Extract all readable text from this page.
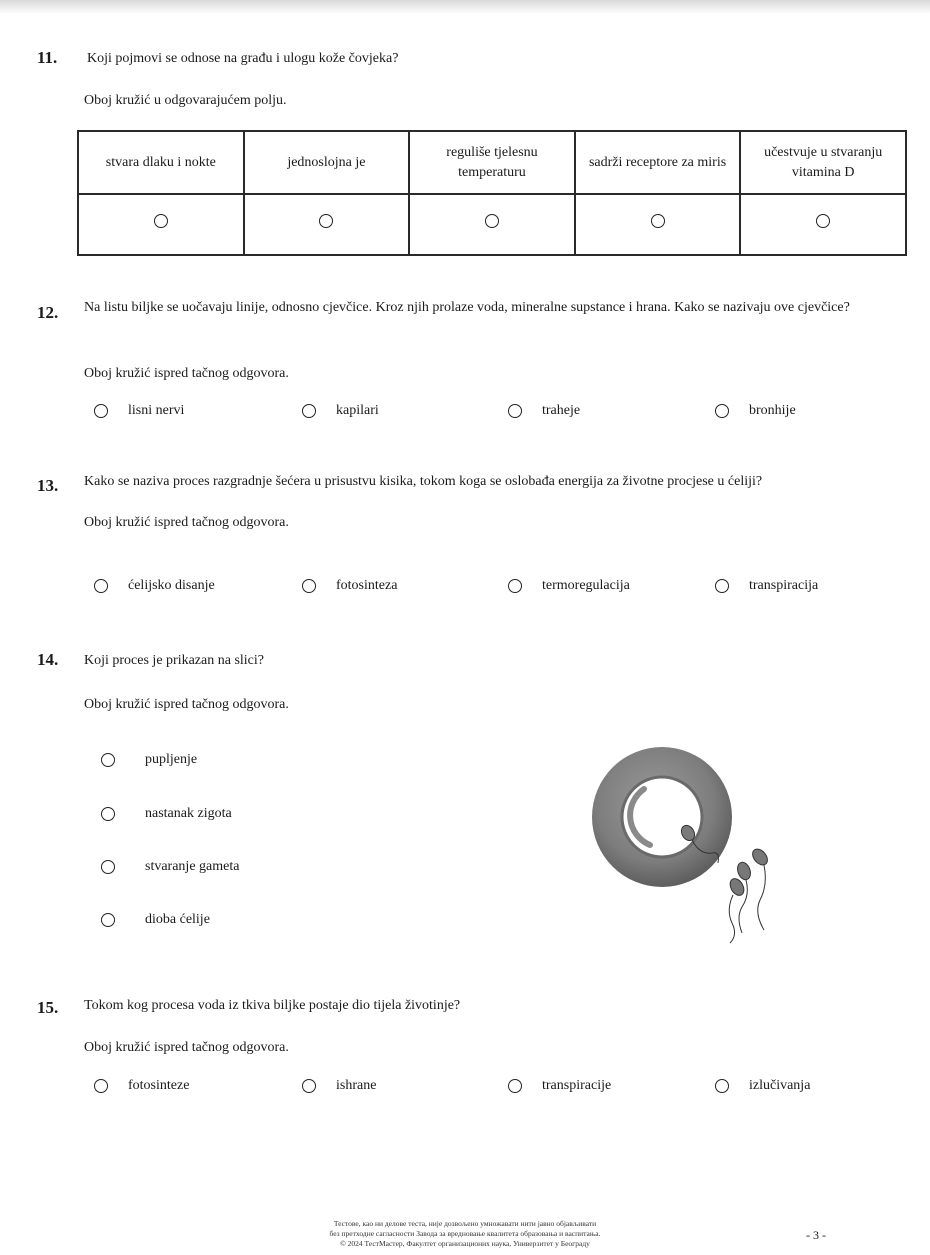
11. Koji pojmovi se odnose na građu i ulogu kože čovjeka?
Oboj kružić u odgovarajućem polju.
stvara dlaku i nokte	jednoslojna je	reguliše tjelesnu temperaturu	sadrži receptore za miris	učestvuje u stvaranju vitamina D

12. Na listu biljke se uočavaju linije, odnosno cjevčice. Kroz njih prolaze voda, mineralne supstance i hrana. Kako se nazivaju ove cjevčice?
Oboj kružić ispred tačnog odgovora.
lisni nervi	kapilari	traheje	bronhije
13. Kako se naziva proces razgradnje šećera u prisustvu kisika, tokom koga se oslobađa energija za životne procjese u ćeliji?
Oboj kružić ispred tačnog odgovora.
ćelijsko disanje	fotosinteza	termoregulacija	transpiracija
14. Koji proces je prikazan na slici?
Oboj kružić ispred tačnog odgovora.
pupljenje
nastanak zigota
stvaranje gameta
dioba ćelije
15. Tokom kog procesa voda iz tkiva biljke postaje dio tijela životinje?
Oboj kružić ispred tačnog odgovora.
fotosinteze	ishrane	transpiracije	izlučivanja
Тестове, као ни делове теста, није дозвољено умножавати нити јавно објављивати
без претходне сагласности Завода за вредновање квалитета образовања и васпитања.
© 2024 ТестМастер, Факултет организационих наука, Универзитет у Београду
- 3 -
